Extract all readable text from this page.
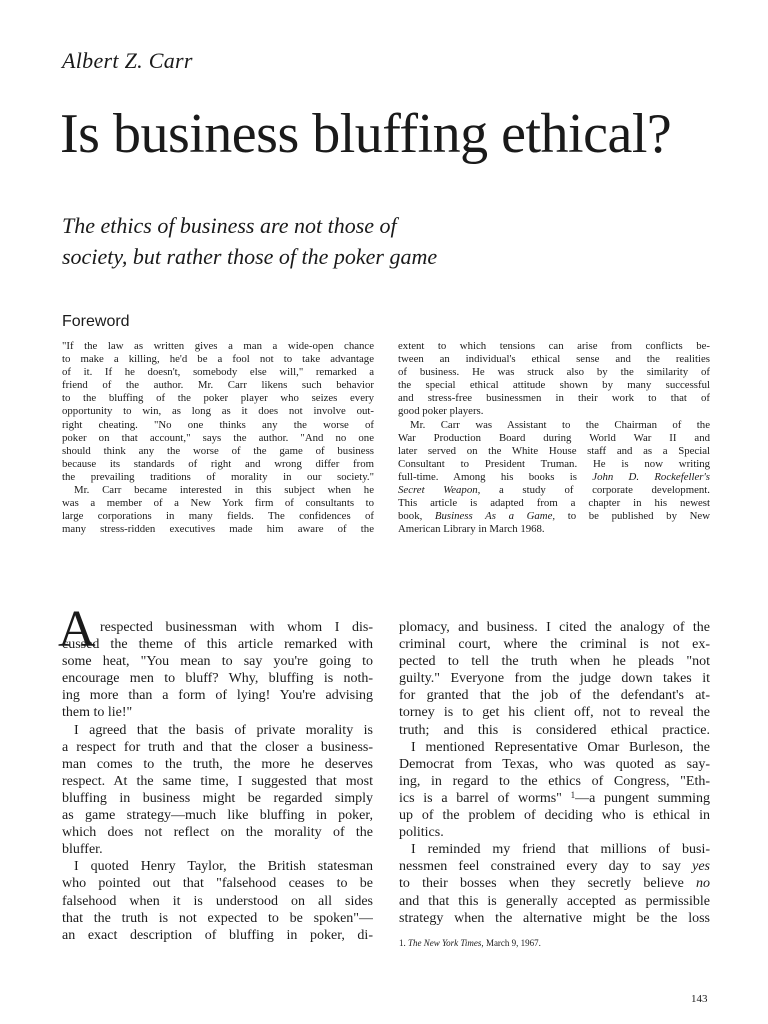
Albert Z. Carr
Is business bluffing ethical?
The ethics of business are not those of
society, but rather those of the poker game
Foreword
"If the law as written gives a man a wide-open chance
to make a killing, he'd be a fool not to take advantage
of it. If he doesn't, somebody else will," remarked a
friend of the author. Mr. Carr likens such behavior
to the bluffing of the poker player who seizes every
opportunity to win, as long as it does not involve out-
right cheating. "No one thinks any the worse of
poker on that account," says the author. "And no one
should think any the worse of the game of business
because its standards of right and wrong differ from
the prevailing traditions of morality in our society."
Mr. Carr became interested in this subject when he
was a member of a New York firm of consultants to
large corporations in many fields. The confidences of
many stress-ridden executives made him aware of the
extent to which tensions can arise from conflicts be-
tween an individual's ethical sense and the realities
of business. He was struck also by the similarity of
the special ethical attitude shown by many successful
and stress-free businessmen in their work to that of
good poker players.
Mr. Carr was Assistant to the Chairman of the
War Production Board during World War II and
later served on the White House staff and as a Special
Consultant to President Truman. He is now writing
full-time. Among his books is John D. Rockefeller's
Secret Weapon, a study of corporate development.
This article is adapted from a chapter in his newest
book, Business As a Game, to be published by New
American Library in March 1968.
A respected businessman with whom I dis-
cussed the theme of this article remarked with
some heat, "You mean to say you're going to
encourage men to bluff? Why, bluffing is noth-
ing more than a form of lying! You're advising
them to lie!"
I agreed that the basis of private morality is
a respect for truth and that the closer a business-
man comes to the truth, the more he deserves
respect. At the same time, I suggested that most
bluffing in business might be regarded simply
as game strategy—much like bluffing in poker,
which does not reflect on the morality of the
bluffer.
I quoted Henry Taylor, the British statesman
who pointed out that "falsehood ceases to be
falsehood when it is understood on all sides
that the truth is not expected to be spoken"—
an exact description of bluffing in poker, di-
plomacy, and business. I cited the analogy of the
criminal court, where the criminal is not ex-
pected to tell the truth when he pleads "not
guilty." Everyone from the judge down takes it
for granted that the job of the defendant's at-
torney is to get his client off, not to reveal the
truth; and this is considered ethical practice.
I mentioned Representative Omar Burleson, the
Democrat from Texas, who was quoted as say-
ing, in regard to the ethics of Congress, "Eth-
ics is a barrel of worms" $^1$—a pungent summing
up of the problem of deciding who is ethical in
politics.
I reminded my friend that millions of busi-
nessmen feel constrained every day to say yes
to their bosses when they secretly believe no
and that this is generally accepted as permissible
strategy when the alternative might be the loss
1. The New York Times, March 9, 1967.
143
